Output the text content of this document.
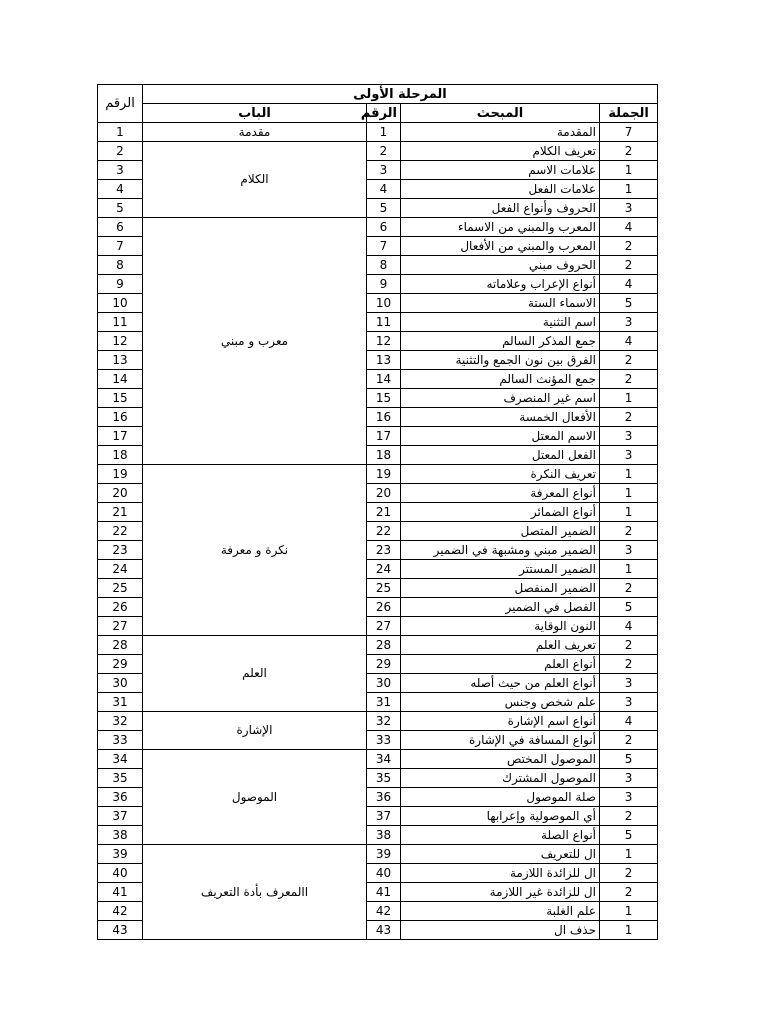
الرقم	المرحلة الأولى			
	الباب	الرقم	المبحث	الجملة
1	مقدمة	1	المقدمة	7
2	الكلام	2	تعريف الكلام	2
3		3	علامات الاسم	1
4		4	علامات الفعل	1
5		5	الحروف وأنواع الفعل	3
6	معرب و مبني	6	المعرب والمبني من الاسماء	4
7		7	المعرب والمبني من الأفعال	2
8		8	الحروف مبني	2
9		9	أنواع الإعراب وعلاماته	4
10		10	الاسماء الستة	5
11		11	اسم التثنية	3
12		12	جمع المذكر السالم	4
13		13	الفرق بين نون الجمع والتثنية	2
14		14	جمع المؤنث السالم	2
15		15	اسم غير المنصرف	1
16		16	الأفعال الخمسة	2
17		17	الاسم المعتل	3
18		18	الفعل المعتل	3
19	نكرة و معرفة	19	تعريف النكرة	1
20		20	أنواع المعرفة	1
21		21	أنواع الضمائر	1
22		22	الضمير المتصل	2
23		23	الضمير مبني ومشبهة في الضمير	3
24		24	الضمير المستتر	1
25		25	الضمير المنفصل	2
26		26	الفصل في الضمير	5
27		27	النون الوقاية	4
28	العلم	28	تعريف العلم	2
29		29	أنواع العلم	2
30		30	أنواع العلم من حيث أصله	3
31		31	علم شخص وجنس	3
32	الإشارة	32	أنواع اسم الإشارة	4
33		33	أنواع المسافة في الإشارة	2
34	الموصول	34	الموصول المختص	5
35		35	الموصول المشترك	3
36		36	صلة الموصول	3
37		37	أي الموصولية وإعرابها	2
38		38	أنواع الصلة	5
39	االمعرف بأدة التعريف	39	ال للتعريف	1
40		40	ال للزائدة اللازمة	2
41		41	ال للزائدة غير اللازمة	2
42		42	علم الغلبة	1
43		43	حذف ال	1
